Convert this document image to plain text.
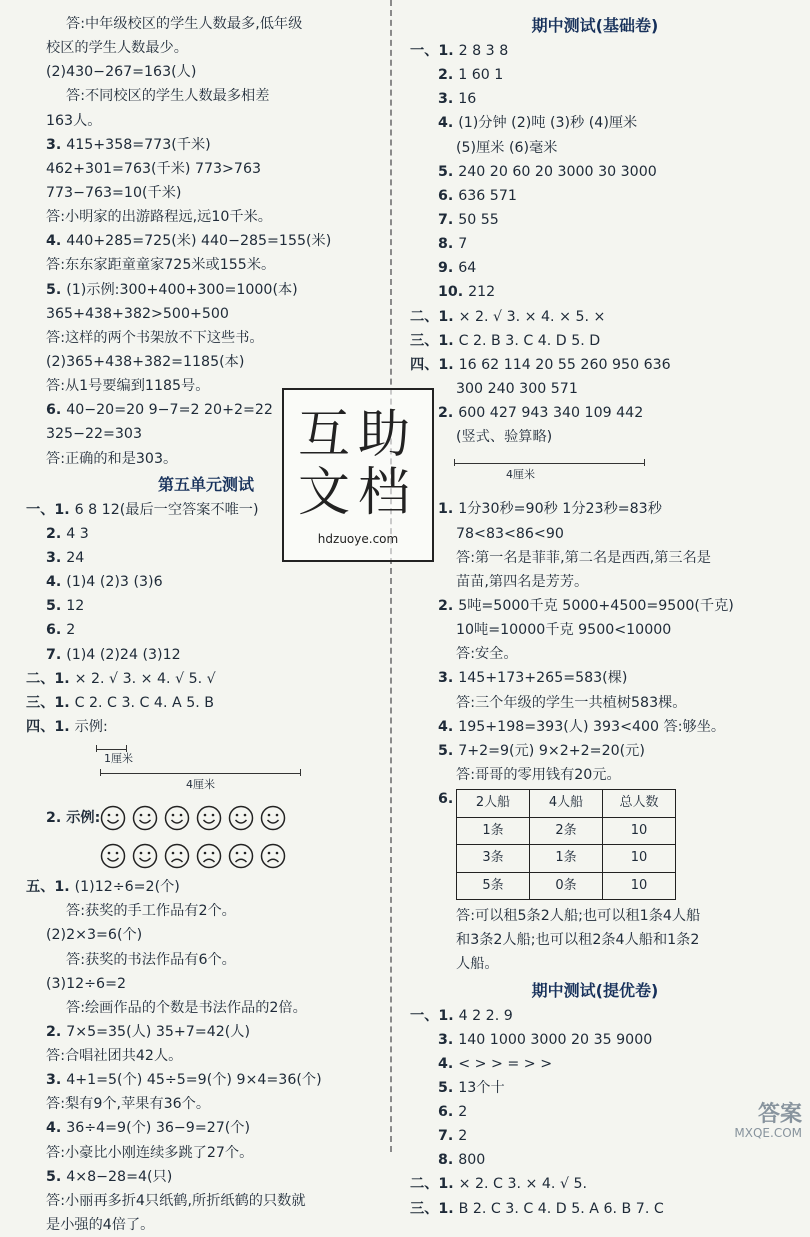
答:中年级校区的学生人数最多,低年级
校区的学生人数最少。
(2)430−267=163(人)
答:不同校区的学生人数最多相差
163人。
3. 415+358=773(千米)
462+301=763(千米) 773>763
773−763=10(千米)
答:小明家的出游路程远,远10千米。
4. 440+285=725(米) 440−285=155(米)
答:东东家距童童家725米或155米。
5. (1)示例:300+400+300=1000(本)
365+438+382>500+500
答:这样的两个书架放不下这些书。
(2)365+438+382=1185(本)
答:从1号要编到1185号。
6. 40−20=20 9−7=2 20+2=22
325−22=303
答:正确的和是303。
第五单元测试
一、1. 6 8 12(最后一空答案不唯一)
2. 4 3
3. 24
4. (1)4 (2)3 (3)6
5. 12
6. 2
7. (1)4 (2)24 (3)12
二、1. × 2. √ 3. × 4. √ 5. √
三、1. C 2. C 3. C 4. A 5. B
四、1. 示例:
1厘米
4厘米
2. 示例:
五、1. (1)12÷6=2(个)
答:获奖的手工作品有2个。
(2)2×3=6(个)
答:获奖的书法作品有6个。
(3)12÷6=2
答:绘画作品的个数是书法作品的2倍。
2. 7×5=35(人) 35+7=42(人)
答:合唱社团共42人。
3. 4+1=5(个) 45÷5=9(个) 9×4=36(个)
答:梨有9个,苹果有36个。
4. 36÷4=9(个) 36−9=27(个)
答:小豪比小刚连续多跳了27个。
5. 4×8−28=4(只)
答:小丽再多折4只纸鹤,所折纸鹤的只数就
是小强的4倍了。
期中测试(基础卷)
一、1. 2 8 3 8
2. 1 60 1
3. 16
4. (1)分钟 (2)吨 (3)秒 (4)厘米
(5)厘米 (6)毫米
5. 240 20 60 20 3000 30 3000
6. 636 571
7. 50 55
8. 7
9. 64
10. 212
二、1. × 2. √ 3. × 4. × 5. ×
三、1. C 2. B 3. C 4. D 5. D
四、1. 16 62 114 20 55 260 950 636
300 240 300 571
2. 600 427 943 340 109 442
(竖式、验算略)
4厘米
1. 1分30秒=90秒 1分23秒=83秒
78<83<86<90
答:第一名是菲菲,第二名是西西,第三名是
苗苗,第四名是芳芳。
2. 5吨=5000千克 5000+4500=9500(千克)
10吨=10000千克 9500<10000
答:安全。
3. 145+173+265=583(棵)
答:三个年级的学生一共植树583棵。
4. 195+198=393(人) 393<400 答:够坐。
5. 7+2=9(元) 9×2+2=20(元)
答:哥哥的零用钱有20元。
6. 2人船	4人船	总人数
1条	2条	10
3条	1条	10
5条	0条	10
答:可以租5条2人船;也可以租1条4人船
和3条2人船;也可以租2条4人船和1条2
人船。
期中测试(提优卷)
一、1. 4 2 2. 9
3. 140 1000 3000 20 35 9000
4. < > > = > >
5. 13个十
6. 2
7. 2
8. 800
二、1. × 2. C 3. × 4. √ 5.
三、1. B 2. C 3. C 4. D 5. A 6. B 7. C
互助
文档
hdzuoye.com
答案
MXQE.COM
